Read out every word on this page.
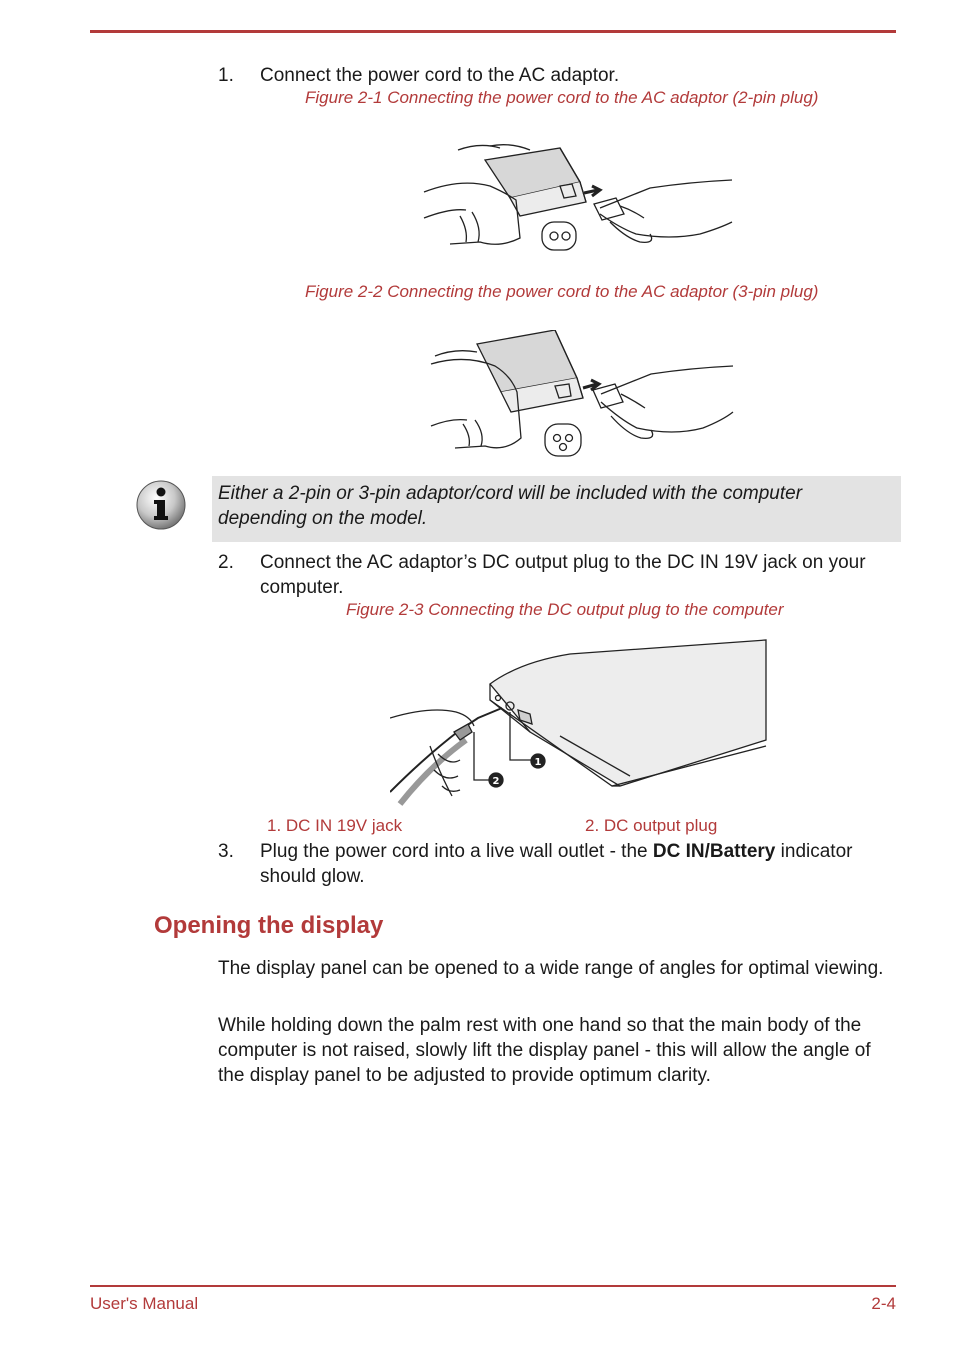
1. Connect the power cord to the AC adaptor.
Figure 2-1 Connecting the power cord to the AC adaptor (2-pin plug)
Figure 2-2 Connecting the power cord to the AC adaptor (3-pin plug)
Either a 2-pin or 3-pin adaptor/cord will be included with the computer depending on the model.
2. Connect the AC adaptor’s DC output plug to the DC IN 19V jack on your computer.
Figure 2-3 Connecting the DC output plug to the computer
1
2
1. DC IN 19V jack	2. DC output plug
3. Plug the power cord into a live wall outlet - the DC IN/Battery indicator should glow.
Opening the display
The display panel can be opened to a wide range of angles for optimal viewing.
While holding down the palm rest with one hand so that the main body of the computer is not raised, slowly lift the display panel - this will allow the angle of the display panel to be adjusted to provide optimum clarity.
User's Manual	2-4
